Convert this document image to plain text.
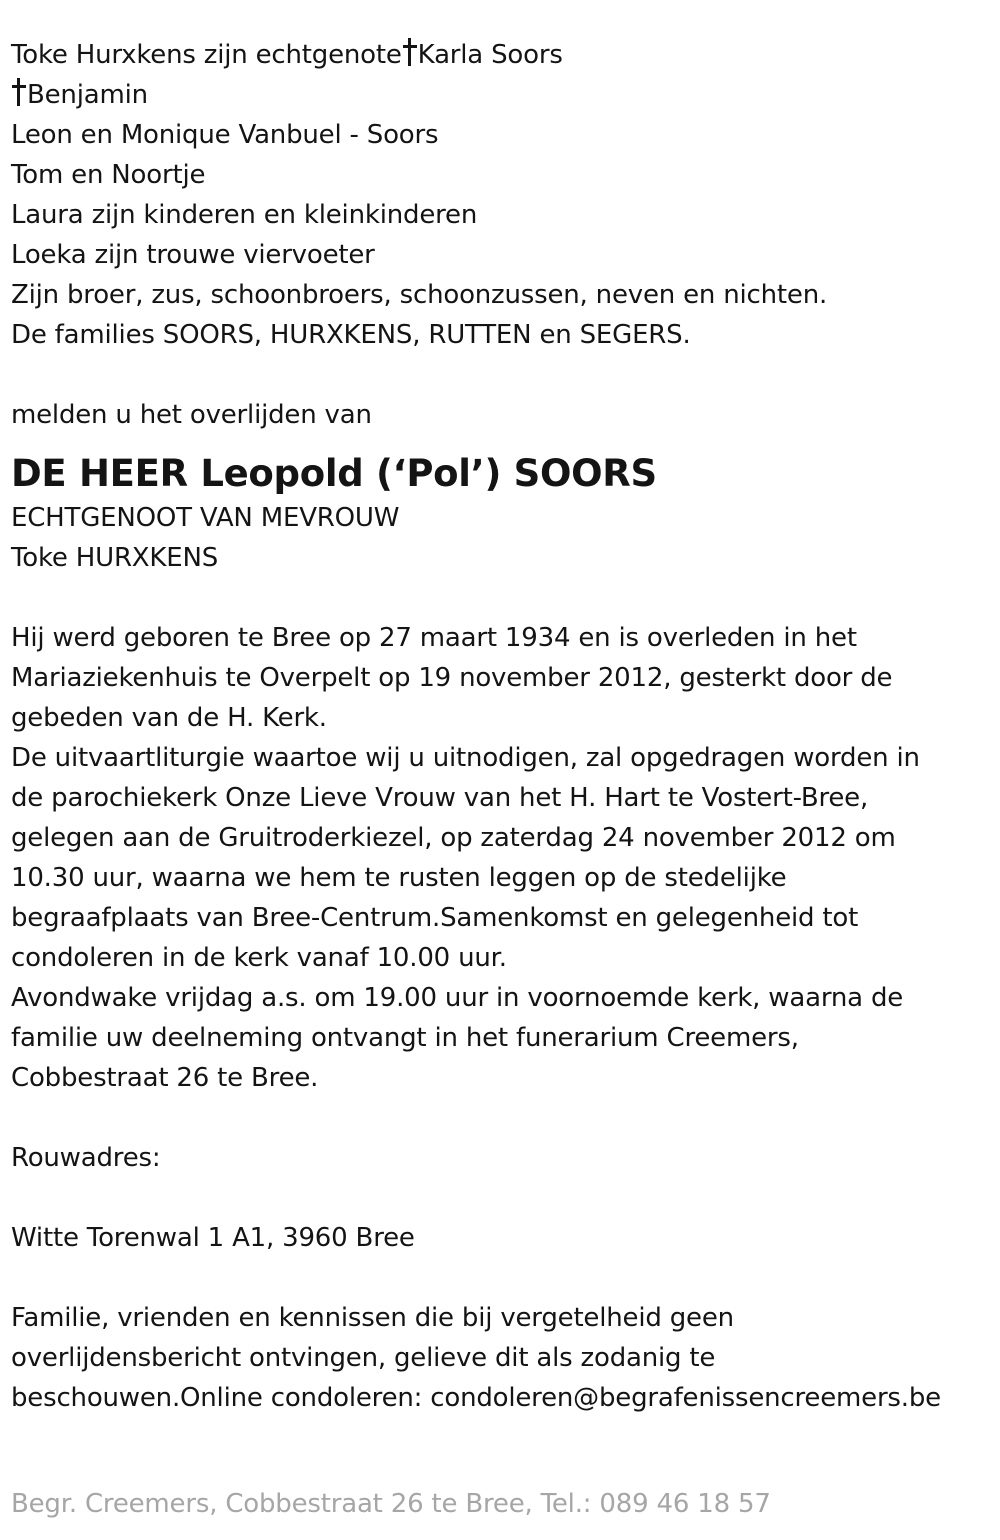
Toke Hurxkens zijn echtgenote Karla Soors
Benjamin
Leon en Monique Vanbuel - Soors
Tom en Noortje
Laura zijn kinderen en kleinkinderen
Loeka zijn trouwe viervoeter
Zijn broer, zus, schoonbroers, schoonzussen, neven en nichten.
De families SOORS, HURXKENS, RUTTEN en SEGERS.
melden u het overlijden van
DE HEER Leopold (‘Pol’) SOORS
ECHTGENOOT VAN MEVROUW
Toke HURXKENS
Hij werd geboren te Bree op 27 maart 1934 en is overleden in het
Mariaziekenhuis te Overpelt op 19 november 2012, gesterkt door de
gebeden van de H. Kerk.
De uitvaartliturgie waartoe wij u uitnodigen, zal opgedragen worden in
de parochiekerk Onze Lieve Vrouw van het H. Hart te Vostert-Bree,
gelegen aan de Gruitroderkiezel, op zaterdag 24 november 2012 om
10.30 uur, waarna we hem te rusten leggen op de stedelijke
begraafplaats van Bree-Centrum.Samenkomst en gelegenheid tot
condoleren in de kerk vanaf 10.00 uur.
Avondwake vrijdag a.s. om 19.00 uur in voornoemde kerk, waarna de
familie uw deelneming ontvangt in het funerarium Creemers,
Cobbestraat 26 te Bree.
Rouwadres:
Witte Torenwal 1 A1, 3960 Bree
Familie, vrienden en kennissen die bij vergetelheid geen
overlijdensbericht ontvingen, gelieve dit als zodanig te
beschouwen.Online condoleren: condoleren@begrafenissencreemers.be
Begr. Creemers, Cobbestraat 26 te Bree, Tel.: 089 46 18 57
